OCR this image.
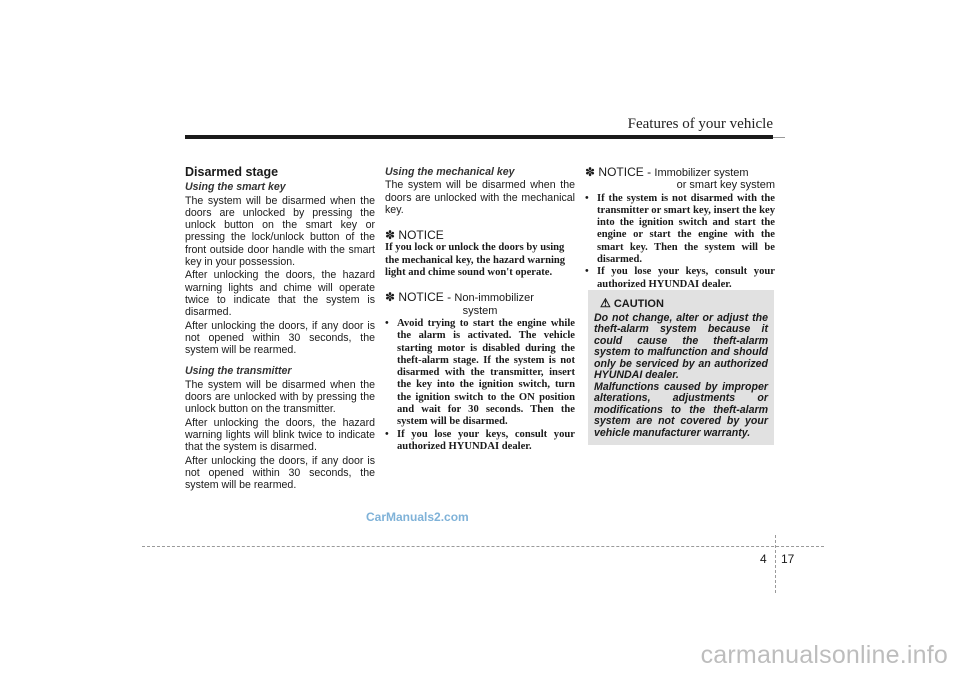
Features of your vehicle

Disarmed stage

Using the smart key

The system will be disarmed when the doors are unlocked by pressing the unlock button on the smart key or pressing the lock/unlock button of the front outside door handle with the smart key in your possession.

After unlocking the doors, the hazard warning lights and chime will operate twice to indicate that the system is disarmed.

After unlocking the doors, if any door is not opened within 30 seconds, the system will be rearmed.

Using the transmitter

The system will be disarmed when the doors are unlocked with by pressing the unlock button on the transmitter.

After unlocking the doors, the hazard warning lights will blink twice to indicate that the system is disarmed.

After unlocking the doors, if any door is not opened within 30 seconds, the system will be rearmed.

Using the mechanical key

The system will be disarmed when the doors are unlocked with the mechanical key.

✽ NOTICE

If you lock or unlock the doors by using the mechanical key, the hazard warning light and chime sound won't operate.

✽ NOTICE - Non-immobilizer
system

• Avoid trying to start the engine while the alarm is activated. The vehicle starting motor is disabled during the theft-alarm stage. If the system is not disarmed with the transmitter, insert the key into the ignition switch, turn the ignition switch to the ON position and wait for 30 seconds. Then the system will be disarmed.
• If you lose your keys, consult your authorized HYUNDAI dealer.

✽ NOTICE - Immobilizer system
or smart key system

• If the system is not disarmed with the transmitter or smart key, insert the key into the ignition switch and start the engine or start the engine with the smart key. Then the system will be disarmed.
• If you lose your keys, consult your authorized HYUNDAI dealer.
⚠ CAUTION

Do not change, alter or adjust the theft-alarm system because it could cause the theft-alarm system to malfunction and should only be serviced by an authorized HYUNDAI dealer.

Malfunctions caused by improper alterations, adjustments or modifications to the theft-alarm system are not covered by your vehicle manufacturer warranty.

CarManuals2.com
4 17
carmanualsonline.info
